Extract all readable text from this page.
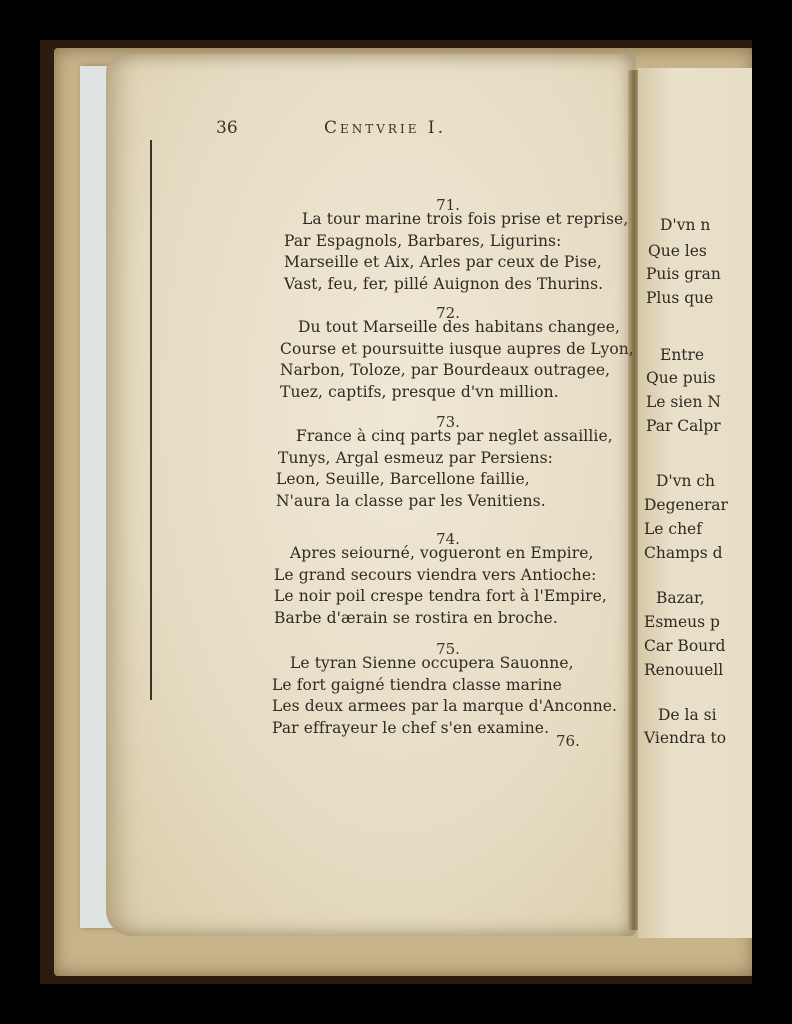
D'vn n
Que les
Puis gran
Plus que
Entre
Que puis
Le sien N
Par Calpr
D'vn ch
Degenerar
Le chef
Champs d
Bazar,
Esmeus p
Car Bourd
Renouuell
De la si
Viendra to
36	Centvrie I.
71.
La tour marine trois fois prise et reprise,
Par Espagnols, Barbares, Ligurins:
Marseille et Aix, Arles par ceux de Pise,
Vast, feu, fer, pillé Auignon des Thurins.
72.
Du tout Marseille des habitans changee,
Course et poursuitte iusque aupres de Lyon,
Narbon, Toloze, par Bourdeaux outragee,
Tuez, captifs, presque d'vn million.
73.
France à cinq parts par neglet assaillie,
Tunys, Argal esmeuz par Persiens:
Leon, Seuille, Barcellone faillie,
N'aura la classe par les Venitiens.
74.
Apres seiourné, vogueront en Empire,
Le grand secours viendra vers Antioche:
Le noir poil crespe tendra fort à l'Empire,
Barbe d'ærain se rostira en broche.
75.
Le tyran Sienne occupera Sauonne,
Le fort gaigné tiendra classe marine
Les deux armees par la marque d'Anconne.
Par effrayeur le chef s'en examine.
76.
